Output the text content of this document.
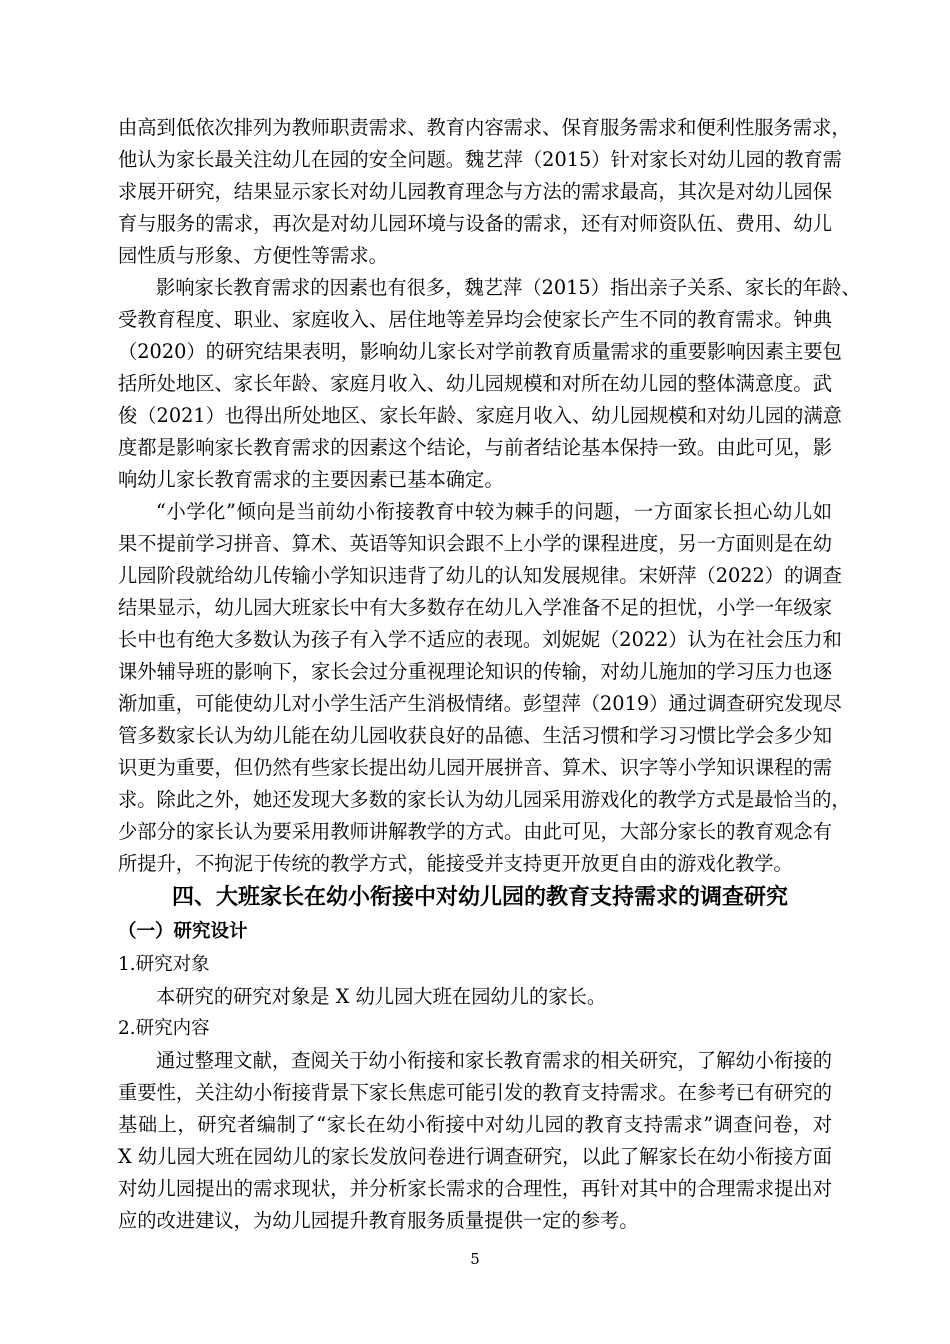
由高到低依次排列为教师职责需求、教育内容需求、保育服务需求和便利性服务需求，
他认为家长最关注幼儿在园的安全问题。魏艺萍（2015）针对家长对幼儿园的教育需
求展开研究，结果显示家长对幼儿园教育理念与方法的需求最高，其次是对幼儿园保
育与服务的需求，再次是对幼儿园环境与设备的需求，还有对师资队伍、费用、幼儿
园性质与形象、方便性等需求。
影响家长教育需求的因素也有很多，魏艺萍（2015）指出亲子关系、家长的年龄、
受教育程度、职业、家庭收入、居住地等差异均会使家长产生不同的教育需求。钟典
（2020）的研究结果表明，影响幼儿家长对学前教育质量需求的重要影响因素主要包
括所处地区、家长年龄、家庭月收入、幼儿园规模和对所在幼儿园的整体满意度。武
俊（2021）也得出所处地区、家长年龄、家庭月收入、幼儿园规模和对幼儿园的满意
度都是影响家长教育需求的因素这个结论，与前者结论基本保持一致。由此可见，影
响幼儿家长教育需求的主要因素已基本确定。
“小学化”倾向是当前幼小衔接教育中较为棘手的问题，一方面家长担心幼儿如
果不提前学习拼音、算术、英语等知识会跟不上小学的课程进度，另一方面则是在幼
儿园阶段就给幼儿传输小学知识违背了幼儿的认知发展规律。宋妍萍（2022）的调查
结果显示，幼儿园大班家长中有大多数存在幼儿入学准备不足的担忧，小学一年级家
长中也有绝大多数认为孩子有入学不适应的表现。刘妮妮（2022）认为在社会压力和
课外辅导班的影响下，家长会过分重视理论知识的传输，对幼儿施加的学习压力也逐
渐加重，可能使幼儿对小学生活产生消极情绪。彭望萍（2019）通过调查研究发现尽
管多数家长认为幼儿能在幼儿园收获良好的品德、生活习惯和学习习惯比学会多少知
识更为重要，但仍然有些家长提出幼儿园开展拼音、算术、识字等小学知识课程的需
求。除此之外，她还发现大多数的家长认为幼儿园采用游戏化的教学方式是最恰当的，
少部分的家长认为要采用教师讲解教学的方式。由此可见，大部分家长的教育观念有
所提升，不拘泥于传统的教学方式，能接受并支持更开放更自由的游戏化教学。
四、大班家长在幼小衔接中对幼儿园的教育支持需求的调查研究
（一）研究设计
1.研究对象
本研究的研究对象是 X 幼儿园大班在园幼儿的家长。
2.研究内容
通过整理文献，查阅关于幼小衔接和家长教育需求的相关研究，了解幼小衔接的
重要性，关注幼小衔接背景下家长焦虑可能引发的教育支持需求。在参考已有研究的
基础上，研究者编制了“家长在幼小衔接中对幼儿园的教育支持需求”调查问卷，对
X 幼儿园大班在园幼儿的家长发放问卷进行调查研究，以此了解家长在幼小衔接方面
对幼儿园提出的需求现状，并分析家长需求的合理性，再针对其中的合理需求提出对
应的改进建议，为幼儿园提升教育服务质量提供一定的参考。
5
